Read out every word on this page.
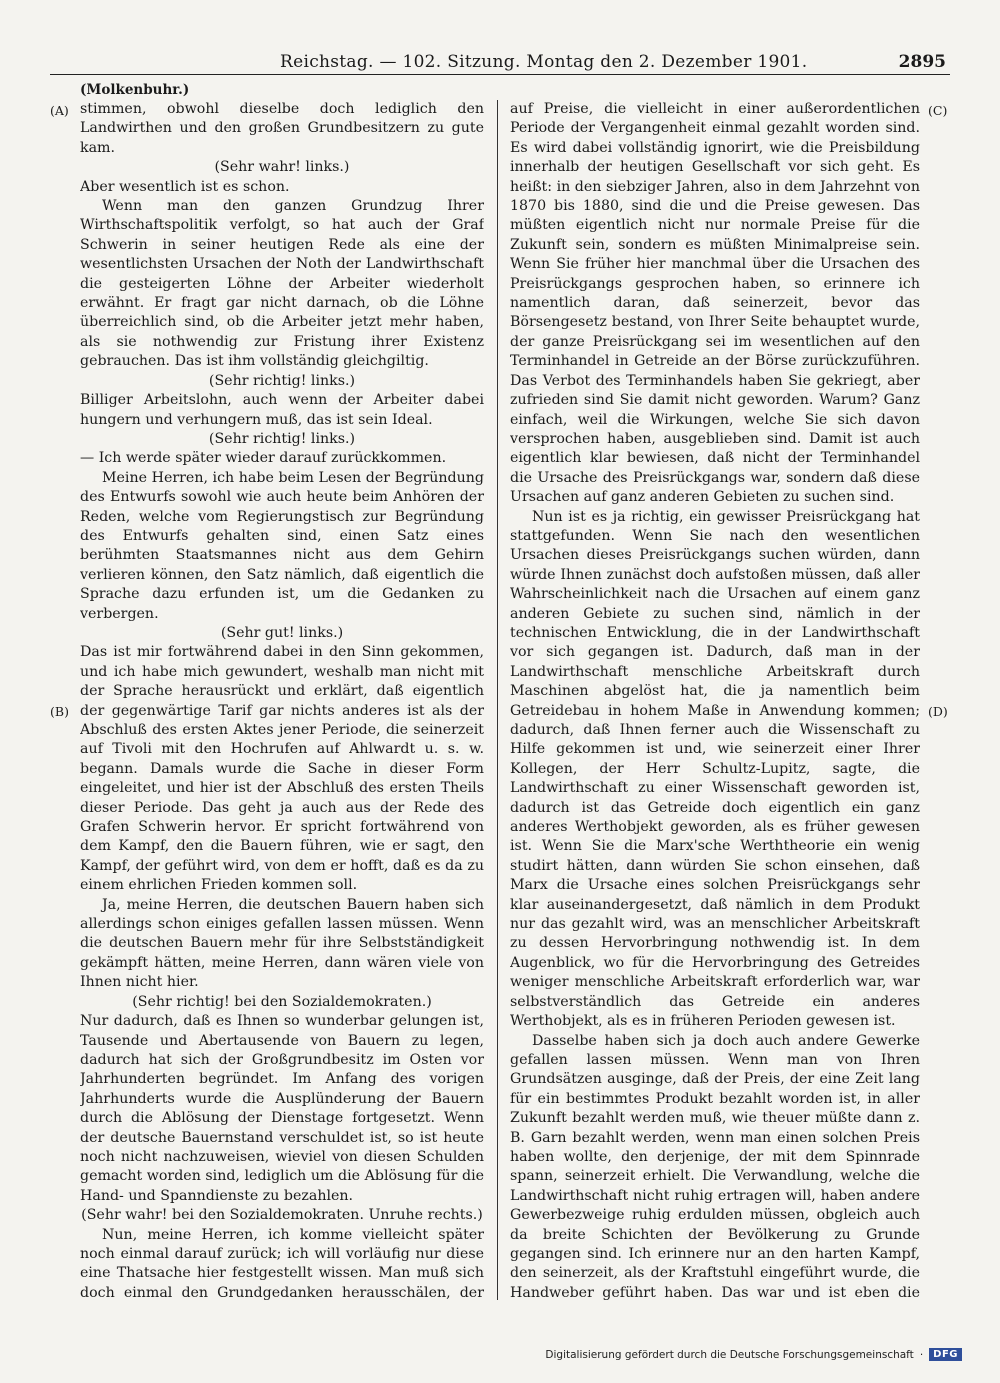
Reichstag. — 102. Sitzung. Montag den 2. Dezember 1901.	2895
(Molkenbuhr.)
(A)
(B)
(C)
(D)

stimmen, obwohl dieselbe doch lediglich den Landwirthen und den großen Grundbesitzern zu gute kam.

(Sehr wahr! links.)

Aber wesentlich ist es schon.

Wenn man den ganzen Grundzug Ihrer Wirthschaftspolitik verfolgt, so hat auch der Graf Schwerin in seiner heutigen Rede als eine der wesentlichsten Ursachen der Noth der Landwirthschaft die gesteigerten Löhne der Arbeiter wiederholt erwähnt. Er fragt gar nicht darnach, ob die Löhne überreichlich sind, ob die Arbeiter jetzt mehr haben, als sie nothwendig zur Fristung ihrer Existenz gebrauchen. Das ist ihm vollständig gleichgiltig.

(Sehr richtig! links.)

Billiger Arbeitslohn, auch wenn der Arbeiter dabei hungern und verhungern muß, das ist sein Ideal.

(Sehr richtig! links.)

— Ich werde später wieder darauf zurückkommen.

Meine Herren, ich habe beim Lesen der Begründung des Entwurfs sowohl wie auch heute beim Anhören der Reden, welche vom Regierungstisch zur Begründung des Entwurfs gehalten sind, einen Satz eines berühmten Staatsmannes nicht aus dem Gehirn verlieren können, den Satz nämlich, daß eigentlich die Sprache dazu erfunden ist, um die Gedanken zu verbergen.

(Sehr gut! links.)

Das ist mir fortwährend dabei in den Sinn gekommen, und ich habe mich gewundert, weshalb man nicht mit der Sprache herausrückt und erklärt, daß eigentlich der gegenwärtige Tarif gar nichts anderes ist als der Abschluß des ersten Aktes jener Periode, die seinerzeit auf Tivoli mit den Hochrufen auf Ahlwardt u. s. w. begann. Damals wurde die Sache in dieser Form eingeleitet, und hier ist der Abschluß des ersten Theils dieser Periode. Das geht ja auch aus der Rede des Grafen Schwerin hervor. Er spricht fortwährend von dem Kampf, den die Bauern führen, wie er sagt, den Kampf, der geführt wird, von dem er hofft, daß es da zu einem ehrlichen Frieden kommen soll.

Ja, meine Herren, die deutschen Bauern haben sich allerdings schon einiges gefallen lassen müssen. Wenn die deutschen Bauern mehr für ihre Selbstständigkeit gekämpft hätten, meine Herren, dann wären viele von Ihnen nicht hier.

(Sehr richtig! bei den Sozialdemokraten.)

Nur dadurch, daß es Ihnen so wunderbar gelungen ist, Tausende und Abertausende von Bauern zu legen, dadurch hat sich der Großgrundbesitz im Osten vor Jahrhunderten begründet. Im Anfang des vorigen Jahrhunderts wurde die Ausplünderung der Bauern durch die Ablösung der Dienstage fortgesetzt. Wenn der deutsche Bauernstand verschuldet ist, so ist heute noch nicht nachzuweisen, wieviel von diesen Schulden gemacht worden sind, lediglich um die Ablösung für die Hand- und Spanndienste zu bezahlen.

(Sehr wahr! bei den Sozialdemokraten. Unruhe rechts.)

Nun, meine Herren, ich komme vielleicht später noch einmal darauf zurück; ich will vorläufig nur diese eine Thatsache hier festgestellt wissen. Man muß sich doch einmal den Grundgedanken herausschälen, der

auf Preise, die vielleicht in einer außerordentlichen Periode der Vergangenheit einmal gezahlt worden sind. Es wird dabei vollständig ignorirt, wie die Preisbildung innerhalb der heutigen Gesellschaft vor sich geht. Es heißt: in den siebziger Jahren, also in dem Jahrzehnt von 1870 bis 1880, sind die und die Preise gewesen. Das müßten eigentlich nicht nur normale Preise für die Zukunft sein, sondern es müßten Minimalpreise sein. Wenn Sie früher hier manchmal über die Ursachen des Preisrückgangs gesprochen haben, so erinnere ich namentlich daran, daß seinerzeit, bevor das Börsengesetz bestand, von Ihrer Seite behauptet wurde, der ganze Preisrückgang sei im wesentlichen auf den Terminhandel in Getreide an der Börse zurückzuführen. Das Verbot des Terminhandels haben Sie gekriegt, aber zufrieden sind Sie damit nicht geworden. Warum? Ganz einfach, weil die Wirkungen, welche Sie sich davon versprochen haben, ausgeblieben sind. Damit ist auch eigentlich klar bewiesen, daß nicht der Terminhandel die Ursache des Preisrückgangs war, sondern daß diese Ursachen auf ganz anderen Gebieten zu suchen sind.

Nun ist es ja richtig, ein gewisser Preisrückgang hat stattgefunden. Wenn Sie nach den wesentlichen Ursachen dieses Preisrückgangs suchen würden, dann würde Ihnen zunächst doch aufstoßen müssen, daß aller Wahrscheinlichkeit nach die Ursachen auf einem ganz anderen Gebiete zu suchen sind, nämlich in der technischen Entwicklung, die in der Landwirthschaft vor sich gegangen ist. Dadurch, daß man in der Landwirthschaft menschliche Arbeitskraft durch Maschinen abgelöst hat, die ja namentlich beim Getreidebau in hohem Maße in Anwendung kommen; dadurch, daß Ihnen ferner auch die Wissenschaft zu Hilfe gekommen ist und, wie seinerzeit einer Ihrer Kollegen, der Herr Schultz-Lupitz, sagte, die Landwirthschaft zu einer Wissenschaft geworden ist, dadurch ist das Getreide doch eigentlich ein ganz anderes Werthobjekt geworden, als es früher gewesen ist. Wenn Sie die Marx'sche Werththeorie ein wenig studirt hätten, dann würden Sie schon einsehen, daß Marx die Ursache eines solchen Preisrückgangs sehr klar auseinandergesetzt, daß nämlich in dem Produkt nur das gezahlt wird, was an menschlicher Arbeitskraft zu dessen Hervorbringung nothwendig ist. In dem Augenblick, wo für die Hervorbringung des Getreides weniger menschliche Arbeitskraft erforderlich war, war selbstverständlich das Getreide ein anderes Werthobjekt, als es in früheren Perioden gewesen ist.

Dasselbe haben sich ja doch auch andere Gewerke gefallen lassen müssen. Wenn man von Ihren Grundsätzen ausginge, daß der Preis, der eine Zeit lang für ein bestimmtes Produkt bezahlt worden ist, in aller Zukunft bezahlt werden muß, wie theuer müßte dann z. B. Garn bezahlt werden, wenn man einen solchen Preis haben wollte, den derjenige, der mit dem Spinnrade spann, seinerzeit erhielt. Die Verwandlung, welche die Landwirthschaft nicht ruhig ertragen will, haben andere Gewerbezweige ruhig erdulden müssen, obgleich auch da breite Schichten der Bevölkerung zu Grunde gegangen sind. Ich erinnere nur an den harten Kampf, den seinerzeit, als der Kraftstuhl eingeführt wurde, die Handweber geführt haben. Das war und ist eben die

Digitalisierung gefördert durch die Deutsche Forschungsgemeinschaft ·	DFG
